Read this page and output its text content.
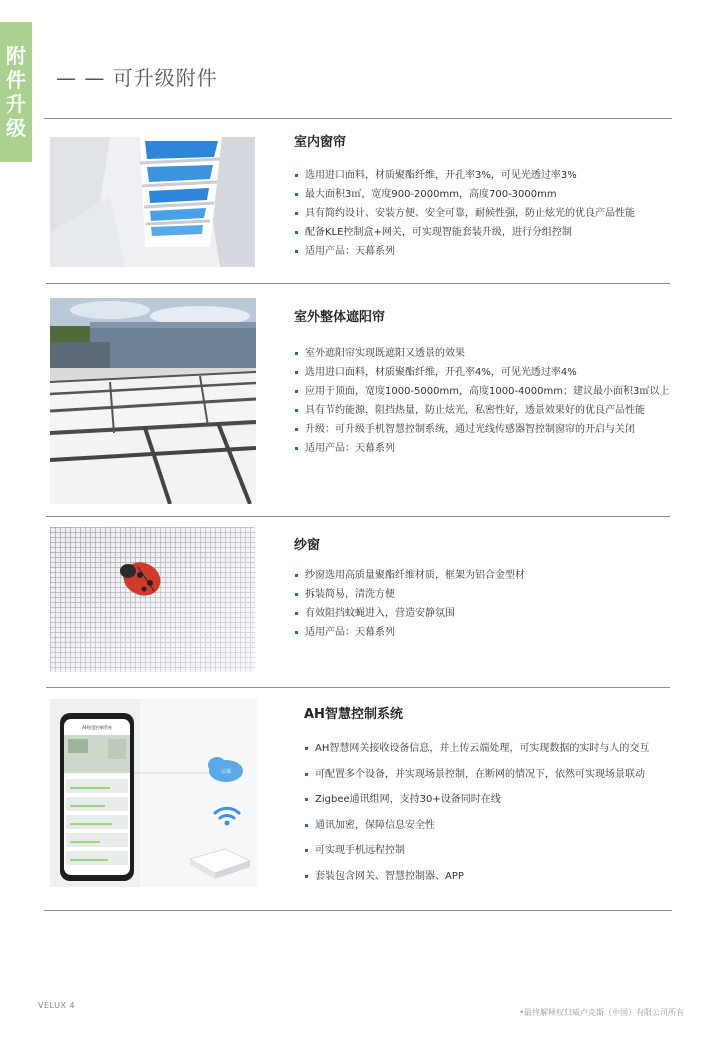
附
件
升
级
— — 可升级附件
室内窗帘
选用进口面料，材质聚酯纤维，开孔率3%，可见光透过率3%
最大面积3㎡，宽度900-2000mm，高度700-3000mm
具有简约设计、安装方便、安全可靠，耐候性强，防止炫光的优良产品性能
配备KLE控制盒+网关，可实现智能套装升级，进行分组控制
适用产品：天幕系列
室外整体遮阳帘
室外遮阳帘实现既遮阳又透景的效果
选用进口面料，材质聚酯纤维，开孔率4%，可见光透过率4%
应用于顶面，宽度1000-5000mm，高度1000-4000mm；建议最小面积3㎡以上
具有节约能源，阻挡热量，防止炫光，私密性好，透景效果好的优良产品性能
升级：可升级手机智慧控制系统，通过光线传感器智控制窗帘的开启与关闭
适用产品：天幕系列
纱窗
纱窗选用高质量聚酯纤维材质，框架为铝合金型材
拆装简易，清洗方便
有效阻挡蚊蝇进入，营造安静氛围
适用产品：天幕系列
AH智慧控制系统
云端
AH智慧控制系统
AH智慧网关接收设备信息，并上传云端处理，可实现数据的实时与人的交互
可配置多个设备，并实现场景控制，在断网的情况下，依然可实现场景联动
Zigbee通讯组网，支持30+设备同时在线
通讯加密，保障信息安全性
可实现手机远程控制
套装包含网关、智慧控制器、APP
VELUX 4
•最终解释权归威卢克斯（中国）有限公司所有
